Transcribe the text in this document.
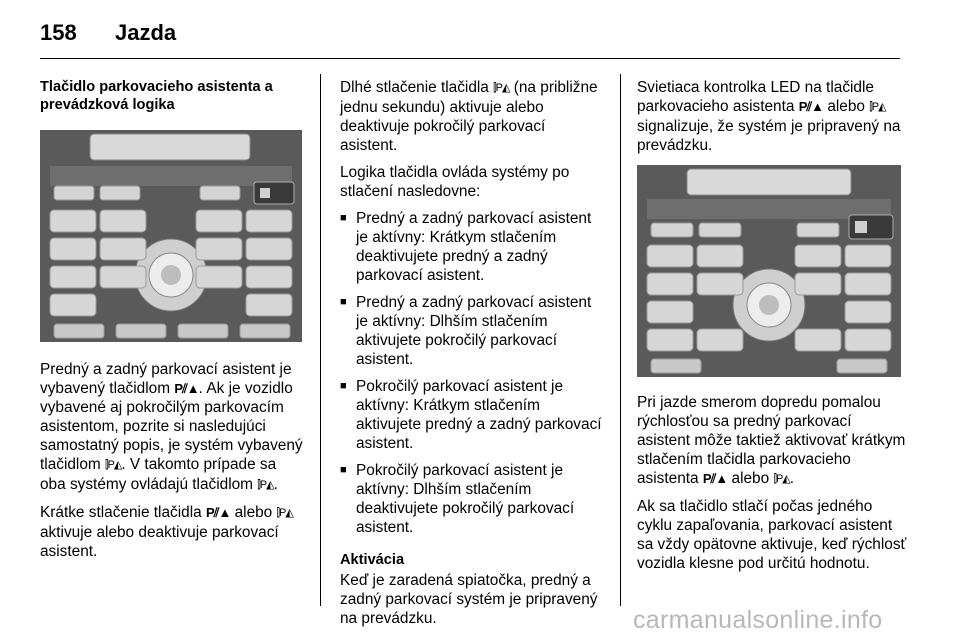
158 Jazda
Tlačidlo parkovacieho asistenta a prevádzková logika

Predný a zadný parkovací asistent je vybavený tlačidlom P⫽▲. Ak je vozidlo vybavené aj pokročilým parkovacím asistentom, pozrite si nasledujúci samostatný popis, je systém vybavený tlačidlom ⫿P◭. V takomto prípade sa oba systémy ovládajú tlačidlom ⫿P◭.

Krátke stlačenie tlačidla P⫽▲ alebo ⫿P◭ aktivuje alebo deaktivuje parkovací asistent.

Dlhé stlačenie tlačidla ⫿P◭ (na približne jednu sekundu) aktivuje alebo deaktivuje pokročilý parkovací asistent.

Logika tlačidla ovláda systémy po stlačení nasledovne:

■ Predný a zadný parkovací asistent je aktívny: Krátkym stlačením deaktivujete predný a zadný parkovací asistent.
■ Predný a zadný parkovací asistent je aktívny: Dlhším stlačením aktivujete pokročilý parkovací asistent.
■ Pokročilý parkovací asistent je aktívny: Krátkym stlačením aktivujete predný a zadný parkovací asistent.
■ Pokročilý parkovací asistent je aktívny: Dlhším stlačením deaktivujete pokročilý parkovací asistent.
Aktivácia

Keď je zaradená spiatočka, predný a zadný parkovací systém je pripravený na prevádzku.

Svietiaca kontrolka LED na tlačidle parkovacieho asistenta P⫽▲ alebo ⫿P◭ signalizuje, že systém je pripravený na prevádzku.

Pri jazde smerom dopredu pomalou rýchlosťou sa predný parkovací asistent môže taktiež aktivovať krátkym stlačením tlačidla parkovacieho asistenta P⫽▲ alebo ⫿P◭.

Ak sa tlačidlo stlačí počas jedného cyklu zapaľovania, parkovací asistent sa vždy opätovne aktivuje, keď rýchlosť vozidla klesne pod určitú hodnotu.

carmanualsonline.info
